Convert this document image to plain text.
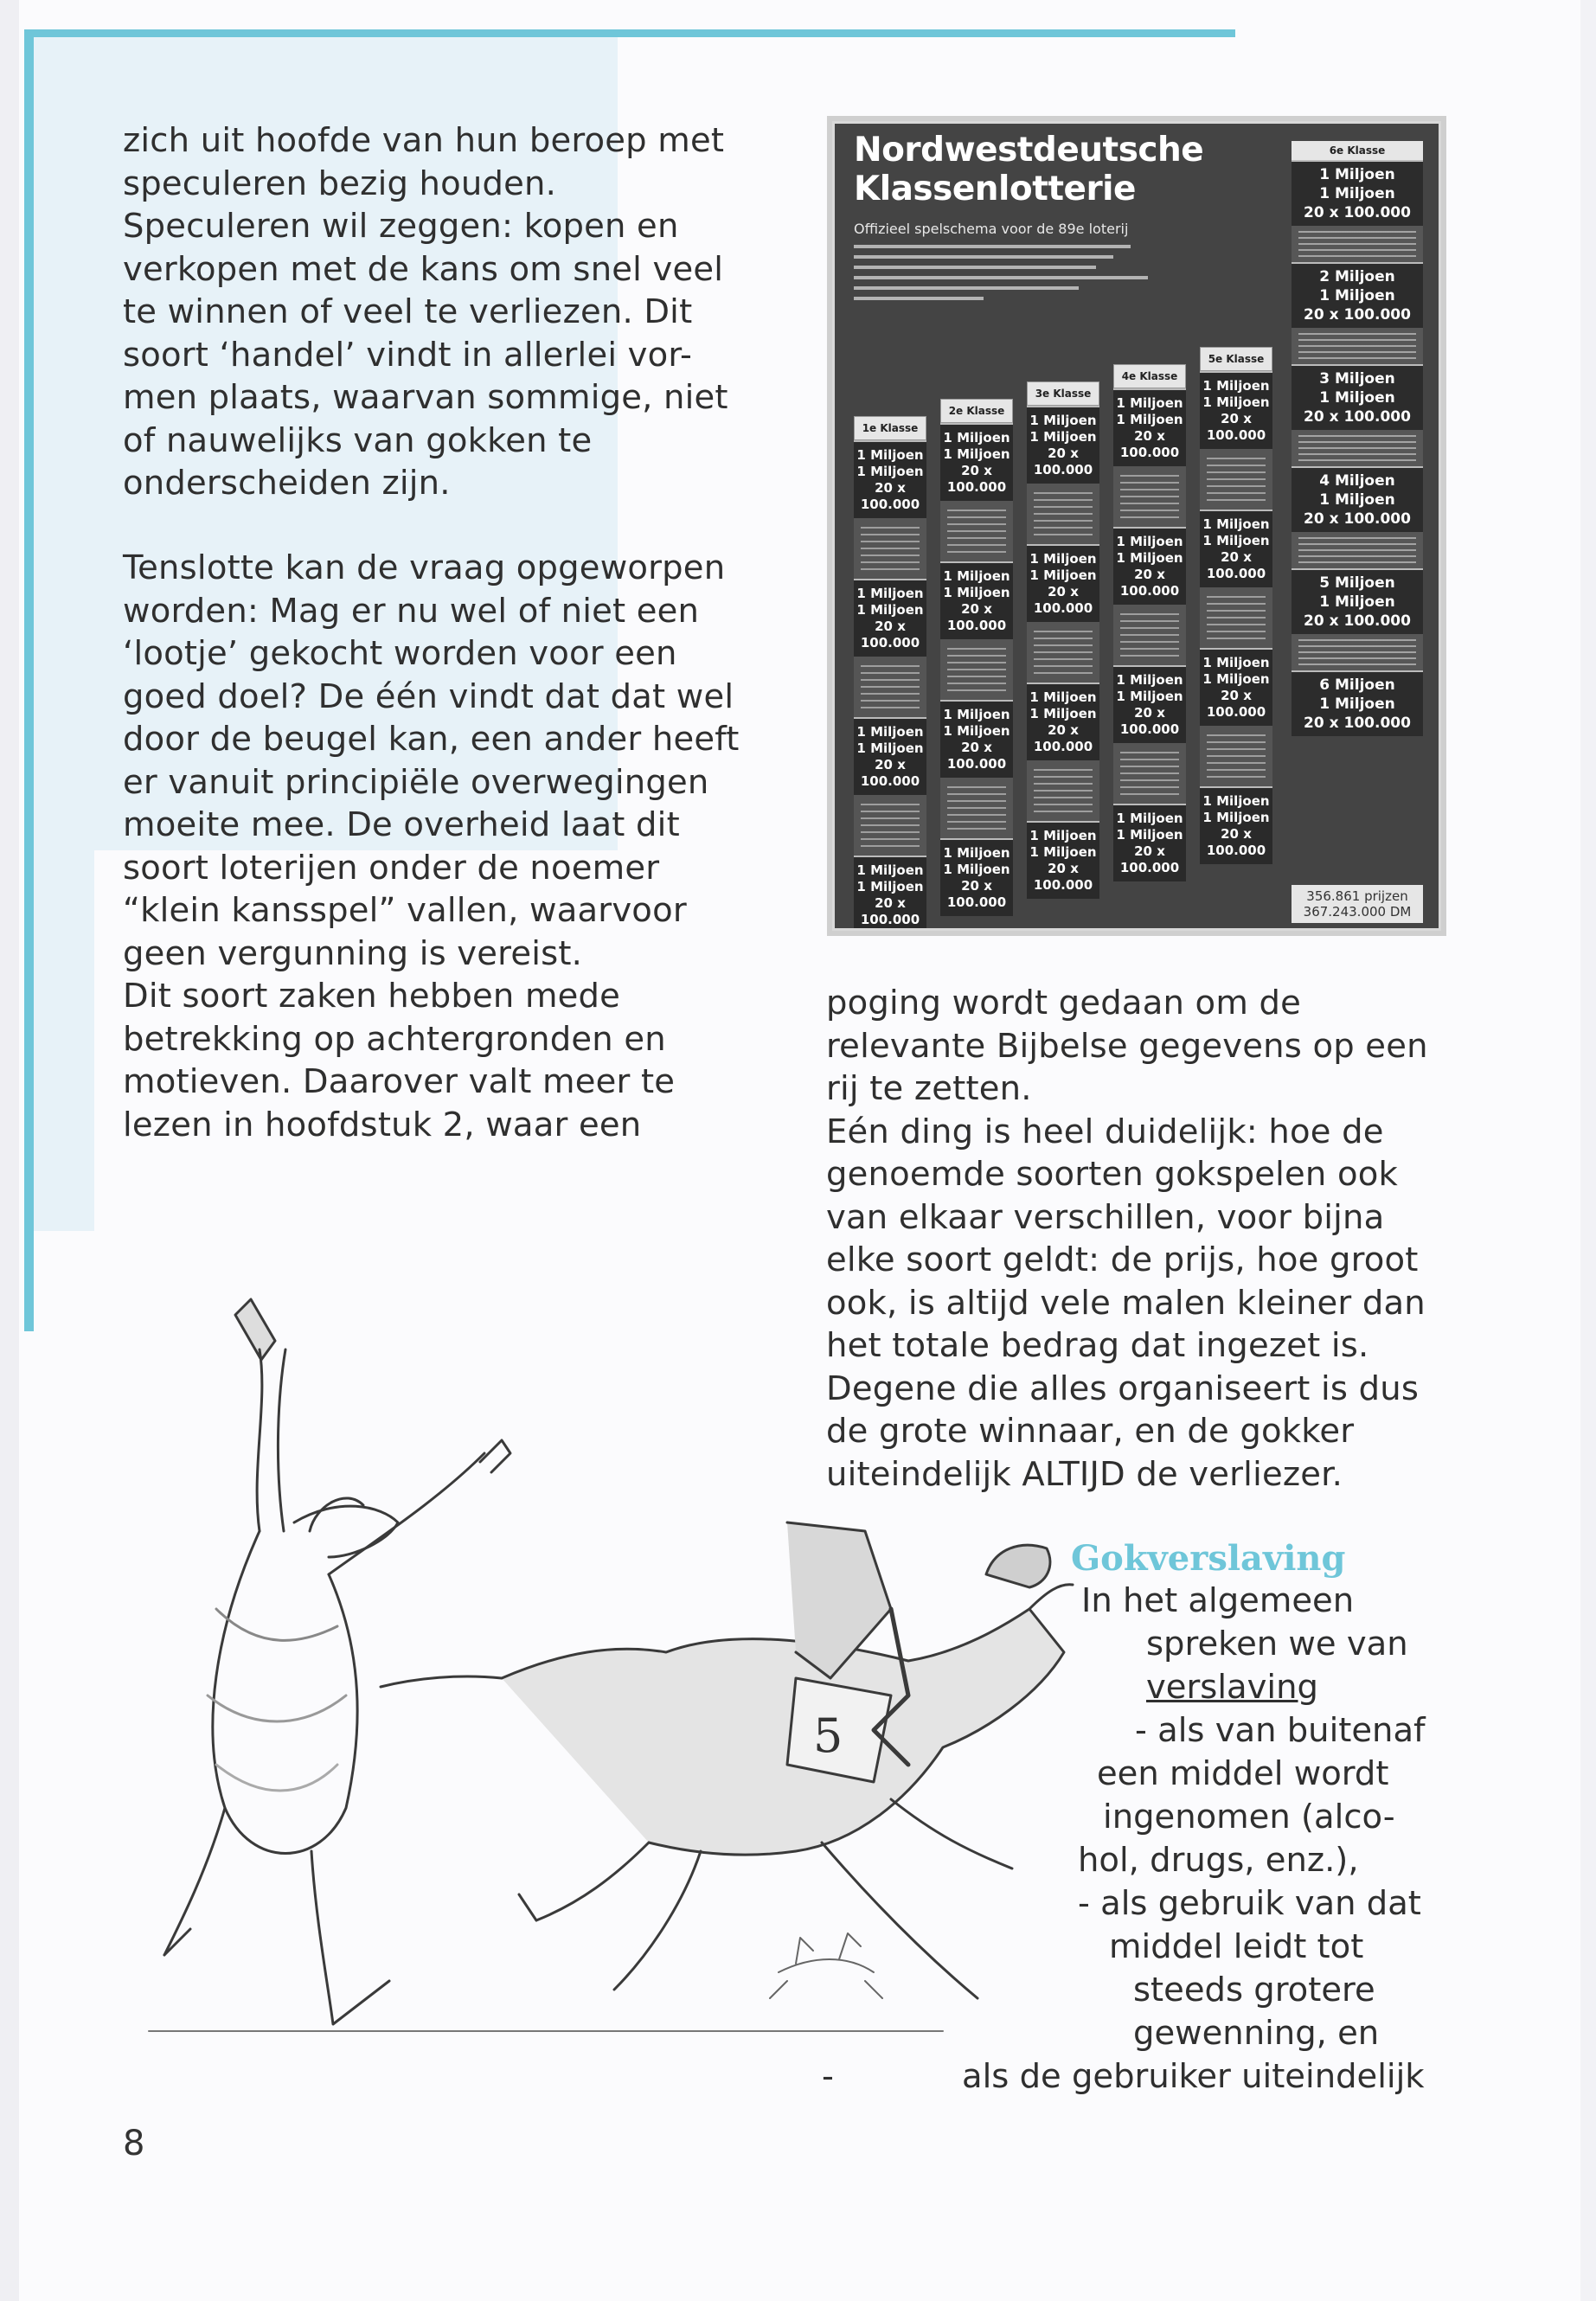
zich uit hoofde van hun beroep met

speculeren bezig houden.

Speculeren wil zeggen: kopen en

verkopen met de kans om snel veel

te winnen of veel te verliezen. Dit

soort ‘handel’ vindt in allerlei vor-

men plaats, waarvan sommige, niet

of nauwelijks van gokken te

onderscheiden zijn.

Tenslotte kan de vraag opgeworpen

worden: Mag er nu wel of niet een

‘lootje’ gekocht worden voor een

goed doel? De één vindt dat dat wel

door de beugel kan, een ander heeft

er vanuit principiële overwegingen

moeite mee. De overheid laat dit

soort loterijen onder de noemer

“klein kansspel” vallen, waarvoor

geen vergunning is vereist.

Dit soort zaken hebben mede

betrekking op achtergronden en

motieven. Daarover valt meer te

lezen in hoofdstuk 2, waar een

Nordwestdeutsche
Klassenlotterie
Offizieel spelschema voor de 89e loterij
1e Klasse
1 Miljoen
1 Miljoen
20 x 100.000
1 Miljoen
1 Miljoen
20 x 100.000
1 Miljoen
1 Miljoen
20 x 100.000
1 Miljoen
1 Miljoen
20 x 100.000
2e Klasse
1 Miljoen
1 Miljoen
20 x 100.000
1 Miljoen
1 Miljoen
20 x 100.000
1 Miljoen
1 Miljoen
20 x 100.000
1 Miljoen
1 Miljoen
20 x 100.000
3e Klasse
1 Miljoen
1 Miljoen
20 x 100.000
1 Miljoen
1 Miljoen
20 x 100.000
1 Miljoen
1 Miljoen
20 x 100.000
1 Miljoen
1 Miljoen
20 x 100.000
4e Klasse
1 Miljoen
1 Miljoen
20 x 100.000
1 Miljoen
1 Miljoen
20 x 100.000
1 Miljoen
1 Miljoen
20 x 100.000
1 Miljoen
1 Miljoen
20 x 100.000
5e Klasse
1 Miljoen
1 Miljoen
20 x 100.000
1 Miljoen
1 Miljoen
20 x 100.000
1 Miljoen
1 Miljoen
20 x 100.000
1 Miljoen
1 Miljoen
20 x 100.000
6e Klasse
1 Miljoen
1 Miljoen
20 x 100.000
2 Miljoen
1 Miljoen
20 x 100.000
3 Miljoen
1 Miljoen
20 x 100.000
4 Miljoen
1 Miljoen
20 x 100.000
5 Miljoen
1 Miljoen
20 x 100.000
6 Miljoen
1 Miljoen
20 x 100.000
356.861 prijzen
367.243.000 DM

poging wordt gedaan om de

relevante Bijbelse gegevens op een

rij te zetten.

Eén ding is heel duidelijk: hoe de

genoemde soorten gokspelen ook

van elkaar verschillen, voor bijna

elke soort geldt: de prijs, hoe groot

ook, is altijd vele malen kleiner dan

het totale bedrag dat ingezet is.

Degene die alles organiseert is dus

de grote winnaar, en de gokker

uiteindelijk ALTIJD de verliezer.

5
Gokverslaving
In het algemeen
spreken we van
verslaving
- als van buitenaf
een middel wordt
ingenomen (alco-
hol, drugs, enz.),
- als gebruik van dat
middel leidt tot
steeds grotere
gewenning, en
-	als de gebruiker uiteindelijk
8
